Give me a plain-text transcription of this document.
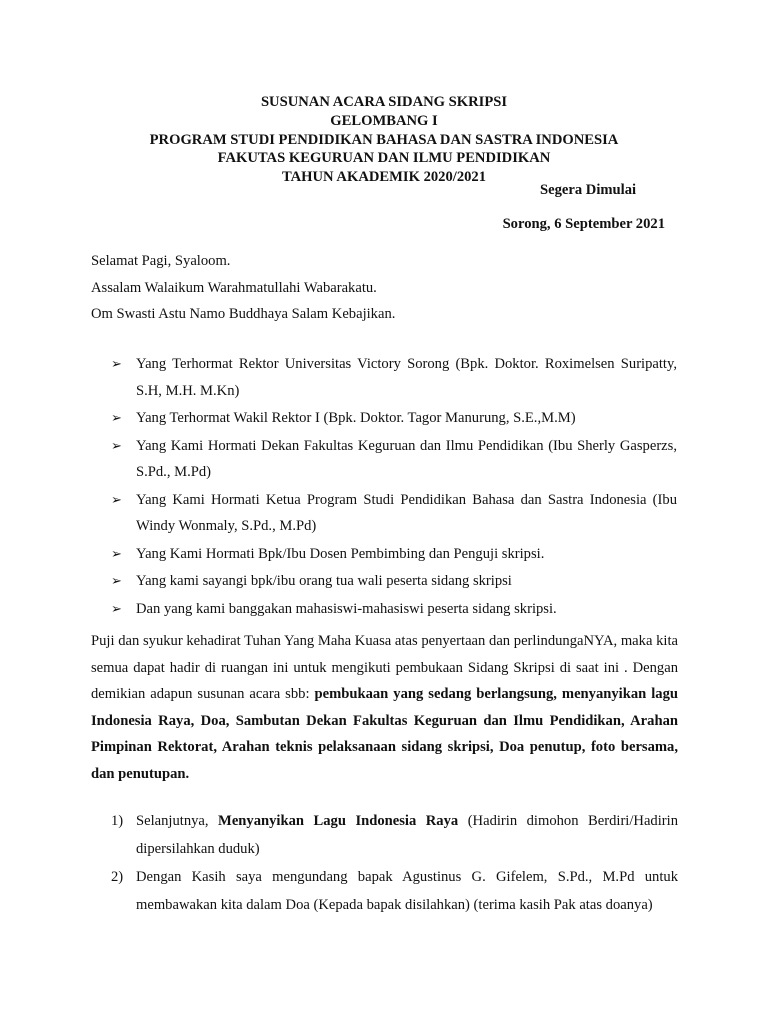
SUSUNAN ACARA SIDANG SKRIPSI
GELOMBANG I
PROGRAM STUDI PENDIDIKAN BAHASA DAN SASTRA INDONESIA
FAKUTAS KEGURUAN DAN ILMU PENDIDIKAN
TAHUN AKADEMIK 2020/2021
Segera Dimulai
Sorong, 6 September 2021
Selamat Pagi, Syaloom.
Assalam Walaikum Warahmatullahi Wabarakatu.
Om Swasti Astu Namo Buddhaya Salam Kebajikan.
➢ Yang Terhormat Rektor Universitas Victory Sorong (Bpk. Doktor. Roximelsen Suripatty, S.H, M.H. M.Kn)
➢ Yang Terhormat Wakil Rektor I (Bpk. Doktor. Tagor Manurung, S.E.,M.M)
➢ Yang Kami Hormati Dekan Fakultas Keguruan dan Ilmu Pendidikan (Ibu Sherly Gasperzs, S.Pd., M.Pd)
➢ Yang Kami Hormati Ketua Program Studi Pendidikan Bahasa dan Sastra Indonesia (Ibu Windy Wonmaly, S.Pd., M.Pd)
➢ Yang Kami Hormati Bpk/Ibu Dosen Pembimbing dan Penguji skripsi.
➢ Yang kami sayangi bpk/ibu orang tua wali peserta sidang skripsi
➢ Dan yang kami banggakan mahasiswi-mahasiswi peserta sidang skripsi.
Puji dan syukur kehadirat Tuhan Yang Maha Kuasa atas penyertaan dan perlindungaNYA, maka kita semua dapat hadir di ruangan ini untuk mengikuti pembukaan Sidang Skripsi di saat ini . Dengan demikian adapun susunan acara sbb: pembukaan yang sedang berlangsung, menyanyikan lagu Indonesia Raya, Doa, Sambutan Dekan Fakultas Keguruan dan Ilmu Pendidikan, Arahan Pimpinan Rektorat, Arahan teknis pelaksanaan sidang skripsi, Doa penutup, foto bersama, dan penutupan.
1) Selanjutnya, Menyanyikan Lagu Indonesia Raya (Hadirin dimohon Berdiri/Hadirin dipersilahkan duduk)
2) Dengan Kasih saya mengundang bapak Agustinus G. Gifelem, S.Pd., M.Pd untuk membawakan kita dalam Doa (Kepada bapak disilahkan) (terima kasih Pak atas doanya)
